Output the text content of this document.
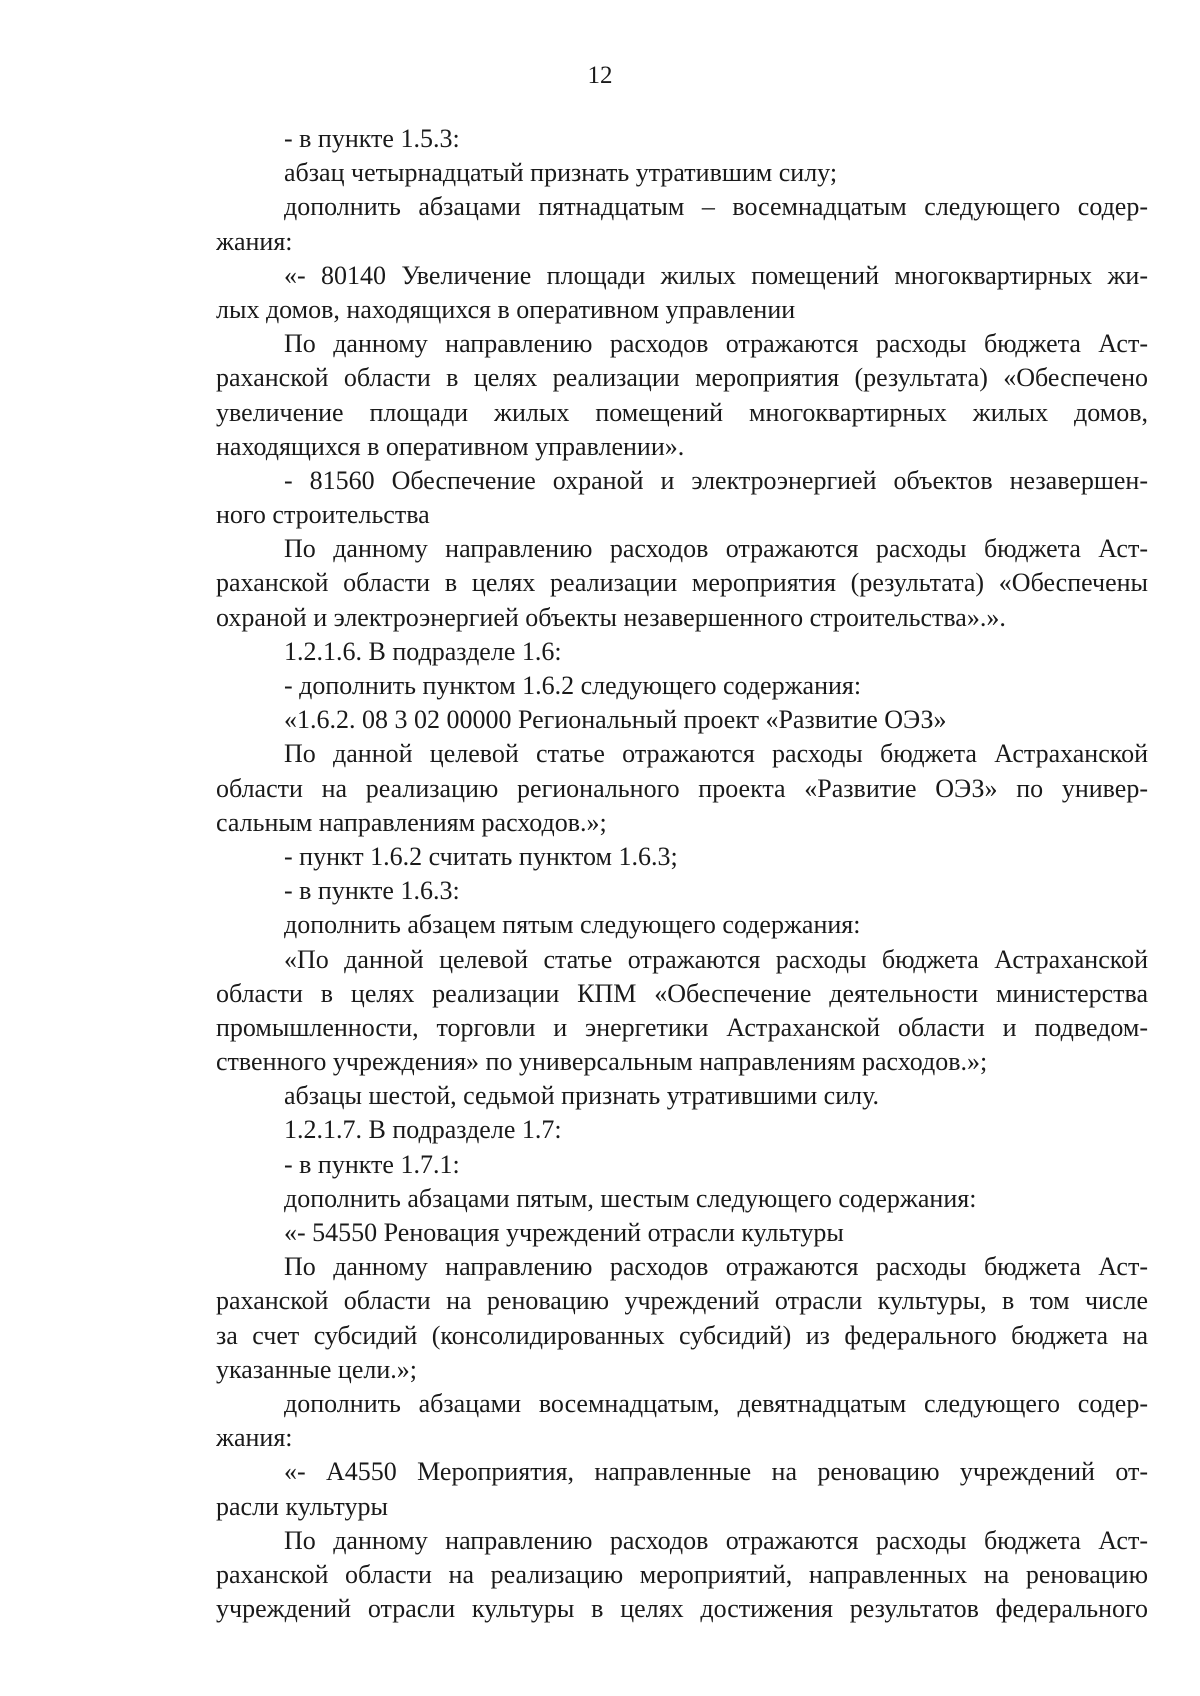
12
- в пункте 1.5.3:
абзац четырнадцатый признать утратившим силу;
дополнить абзацами пятнадцатым – восемнадцатым следующего содер-
жания:
«- 80140 Увеличение площади жилых помещений многоквартирных жи-
лых домов, находящихся в оперативном управлении
По данному направлению расходов отражаются расходы бюджета Аст-
раханской области в целях реализации мероприятия (результата) «Обеспечено
увеличение площади жилых помещений многоквартирных жилых домов,
находящихся в оперативном управлении».
- 81560 Обеспечение охраной и электроэнергией объектов незавершен-
ного строительства
По данному направлению расходов отражаются расходы бюджета Аст-
раханской области в целях реализации мероприятия (результата) «Обеспечены
охраной и электроэнергией объекты незавершенного строительства».».
1.2.1.6. В подразделе 1.6:
- дополнить пунктом 1.6.2 следующего содержания:
«1.6.2. 08 3 02 00000 Региональный проект «Развитие ОЭЗ»
По данной целевой статье отражаются расходы бюджета Астраханской
области на реализацию регионального проекта «Развитие ОЭЗ» по универ-
сальным направлениям расходов.»;
- пункт 1.6.2 считать пунктом 1.6.3;
- в пункте 1.6.3:
дополнить абзацем пятым следующего содержания:
«По данной целевой статье отражаются расходы бюджета Астраханской
области в целях реализации КПМ «Обеспечение деятельности министерства
промышленности, торговли и энергетики Астраханской области и подведом-
ственного учреждения» по универсальным направлениям расходов.»;
абзацы шестой, седьмой признать утратившими силу.
1.2.1.7. В подразделе 1.7:
- в пункте 1.7.1:
дополнить абзацами пятым, шестым следующего содержания:
«- 54550 Реновация учреждений отрасли культуры
По данному направлению расходов отражаются расходы бюджета Аст-
раханской области на реновацию учреждений отрасли культуры, в том числе
за счет субсидий (консолидированных субсидий) из федерального бюджета на
указанные цели.»;
дополнить абзацами восемнадцатым, девятнадцатым следующего содер-
жания:
«- А4550 Мероприятия, направленные на реновацию учреждений от-
расли культуры
По данному направлению расходов отражаются расходы бюджета Аст-
раханской области на реализацию мероприятий, направленных на реновацию
учреждений отрасли культуры в целях достижения результатов федерального
